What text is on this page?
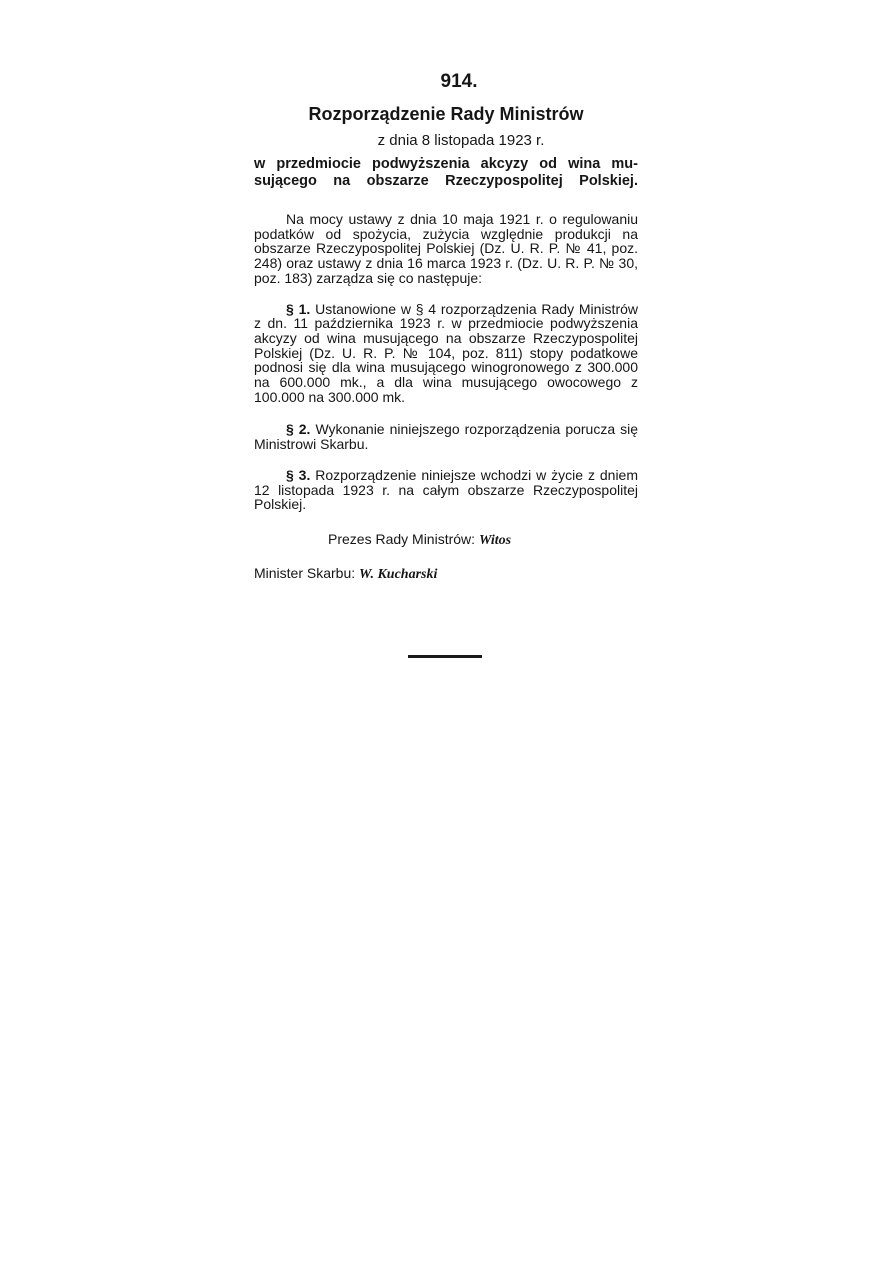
914.
Rozporządzenie Rady Ministrów
z dnia 8 listopada 1923 r.
w przedmiocie podwyższenia akcyzy od wina mu-
sującego na obszarze Rzeczypospolitej Polskiej.

Na mocy ustawy z dnia 10 maja 1921 r. o regulowaniu podatków od spożycia, zużycia względnie produkcji na obszarze Rzeczypospolitej Polskiej (Dz. U. R. P. № 41, poz. 248) oraz ustawy z dnia 16 marca 1923 r. (Dz. U. R. P. № 30, poz. 183) zarządza się co następuje:

§ 1. Ustanowione w § 4 rozporządzenia Rady Ministrów z dn. 11 października 1923 r. w przedmiocie podwyższenia akcyzy od wina musującego na obszarze Rzeczypospolitej Polskiej (Dz. U. R. P. № 104, poz. 811) stopy podatkowe podnosi się dla wina musującego winogronowego z 300.000 na 600.000 mk., a dla wina musującego owocowego z 100.000 na 300.000 mk.

§ 2. Wykonanie niniejszego rozporządzenia porucza się Ministrowi Skarbu.

§ 3. Rozporządzenie niniejsze wchodzi w życie z dniem 12 listopada 1923 r. na całym obszarze Rzeczypospolitej Polskiej.

Prezes Rady Ministrów: Witos
Minister Skarbu: W. Kucharski
